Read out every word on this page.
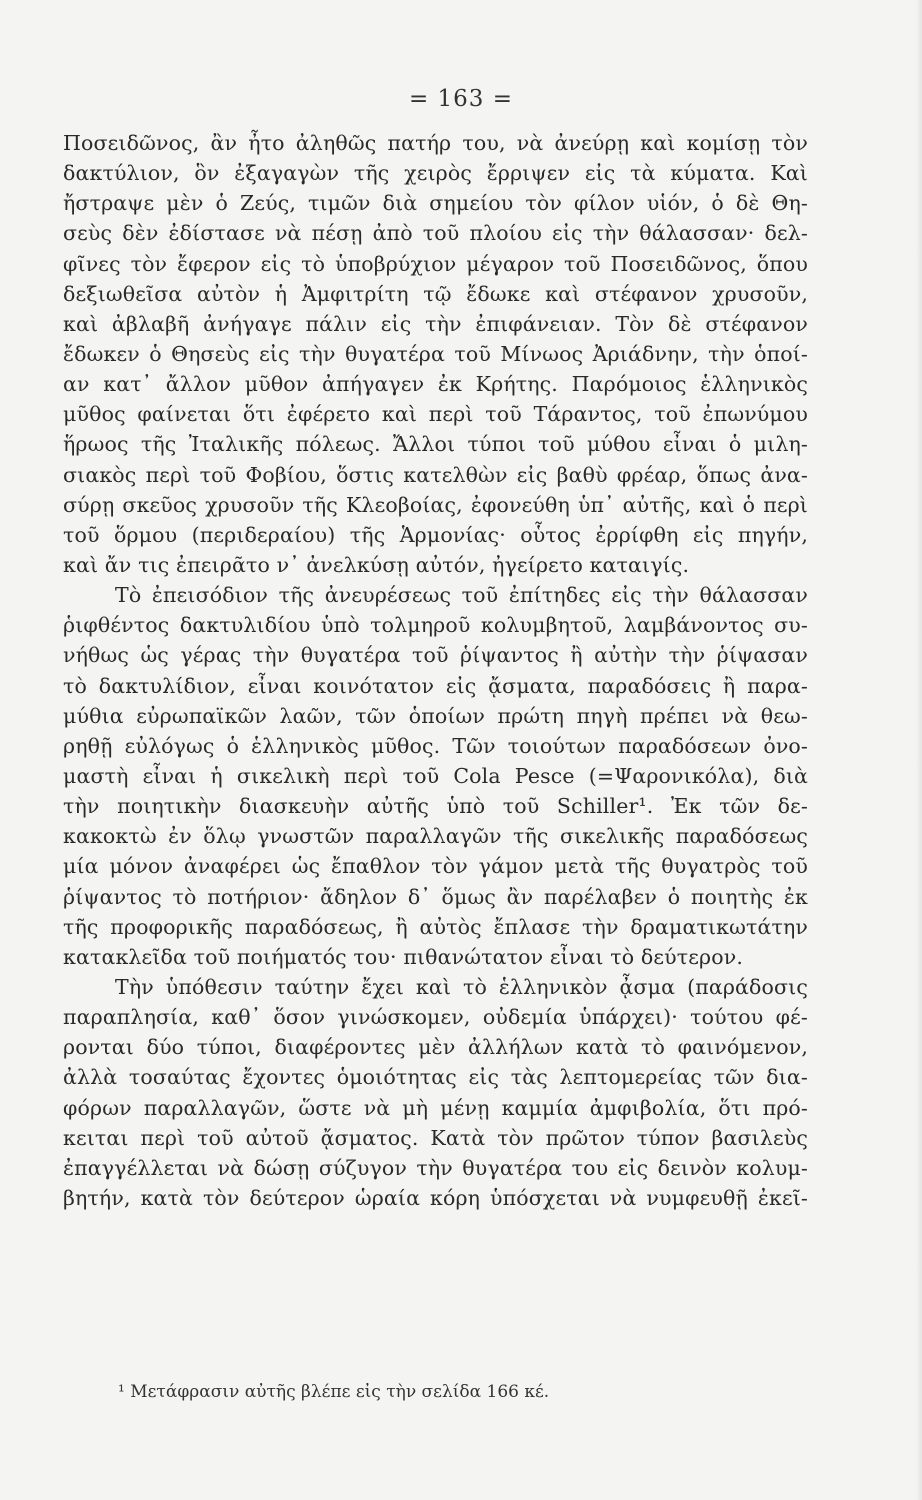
= 163 =
Ποσειδῶνος, ἂν ἦτο ἀληθῶς πατήρ του, νὰ ἀνεύρῃ καὶ κομίσῃ τὸν
δακτύλιον, ὃν ἐξαγαγὼν τῆς χειρὸς ἔρριψεν εἰς τὰ κύματα. Καὶ
ἤστραψε μὲν ὁ Ζεύς, τιμῶν διὰ σημείου τὸν φίλον υἱόν, ὁ δὲ Θη-
σεὺς δὲν ἐδίστασε νὰ πέσῃ ἀπὸ τοῦ πλοίου εἰς τὴν θάλασσαν· δελ-
φῖνες τὸν ἔφερον εἰς τὸ ὑποβρύχιον μέγαρον τοῦ Ποσειδῶνος, ὅπου
δεξιωθεῖσα αὐτὸν ἡ Ἀμφιτρίτη τῷ ἔδωκε καὶ στέφανον χρυσοῦν,
καὶ ἀβλαβῆ ἀνήγαγε πάλιν εἰς τὴν ἐπιφάνειαν. Τὸν δὲ στέφανον
ἔδωκεν ὁ Θησεὺς εἰς τὴν θυγατέρα τοῦ Μίνωος Ἀριάδνην, τὴν ὁποί-
αν κατ᾽ ἄλλον μῦθον ἀπήγαγεν ἐκ Κρήτης. Παρόμοιος ἑλληνικὸς
μῦθος φαίνεται ὅτι ἐφέρετο καὶ περὶ τοῦ Τάραντος, τοῦ ἐπωνύμου
ἥρωος τῆς Ἰταλικῆς πόλεως. Ἄλλοι τύποι τοῦ μύθου εἶναι ὁ μιλη-
σιακὸς περὶ τοῦ Φοβίου, ὅστις κατελθὼν εἰς βαθὺ φρέαρ, ὅπως ἀνα-
σύρῃ σκεῦος χρυσοῦν τῆς Κλεοβοίας, ἐφονεύθη ὑπ᾽ αὐτῆς, καὶ ὁ περὶ
τοῦ ὅρμου (περιδεραίου) τῆς Ἁρμονίας· οὗτος ἐρρίφθη εἰς πηγήν,
καὶ ἄν τις ἐπειρᾶτο ν᾽ ἀνελκύσῃ αὐτόν, ἠγείρετο καταιγίς.
Τὸ ἐπεισόδιον τῆς ἀνευρέσεως τοῦ ἐπίτηδες εἰς τὴν θάλασσαν
ῥιφθέντος δακτυλιδίου ὑπὸ τολμηροῦ κολυμβητοῦ, λαμβάνοντος συ-
νήθως ὡς γέρας τὴν θυγατέρα τοῦ ῥίψαντος ἢ αὐτὴν τὴν ῥίψασαν
τὸ δακτυλίδιον, εἶναι κοινότατον εἰς ᾄσματα, παραδόσεις ἢ παρα-
μύθια εὐρωπαϊκῶν λαῶν, τῶν ὁποίων πρώτη πηγὴ πρέπει νὰ θεω-
ρηθῇ εὐλόγως ὁ ἑλληνικὸς μῦθος. Τῶν τοιούτων παραδόσεων ὀνο-
μαστὴ εἶναι ἡ σικελικὴ περὶ τοῦ Cola Pesce (=Ψαρονικόλα), διὰ
τὴν ποιητικὴν διασκευὴν αὐτῆς ὑπὸ τοῦ Schiller¹. Ἐκ τῶν δε-
κακοκτὼ ἐν ὅλῳ γνωστῶν παραλλαγῶν τῆς σικελικῆς παραδόσεως
μία μόνον ἀναφέρει ὡς ἔπαθλον τὸν γάμον μετὰ τῆς θυγατρὸς τοῦ
ῥίψαντος τὸ ποτήριον· ἄδηλον δ᾽ ὅμως ἂν παρέλαβεν ὁ ποιητὴς ἐκ
τῆς προφορικῆς παραδόσεως, ἢ αὐτὸς ἔπλασε τὴν δραματικωτάτην
κατακλεῖδα τοῦ ποιήματός του· πιθανώτατον εἶναι τὸ δεύτερον.
Τὴν ὑπόθεσιν ταύτην ἔχει καὶ τὸ ἑλληνικὸν ᾆσμα (παράδοσις
παραπλησία, καθ᾽ ὅσον γινώσκομεν, οὐδεμία ὑπάρχει)· τούτου φέ-
ρονται δύο τύποι, διαφέροντες μὲν ἀλλήλων κατὰ τὸ φαινόμενον,
ἀλλὰ τοσαύτας ἔχοντες ὁμοιότητας εἰς τὰς λεπτομερείας τῶν δια-
φόρων παραλλαγῶν, ὥστε νὰ μὴ μένῃ καμμία ἀμφιβολία, ὅτι πρό-
κειται περὶ τοῦ αὐτοῦ ᾄσματος. Κατὰ τὸν πρῶτον τύπον βασιλεὺς
ἐπαγγέλλεται νὰ δώσῃ σύζυγον τὴν θυγατέρα του εἰς δεινὸν κολυμ-
βητήν, κατὰ τὸν δεύτερον ὡραία κόρη ὑπόσχεται νὰ νυμφευθῇ ἐκεῖ-
¹ Μετάφρασιν αὐτῆς βλέπε εἰς τὴν σελίδα 166 κέ.
